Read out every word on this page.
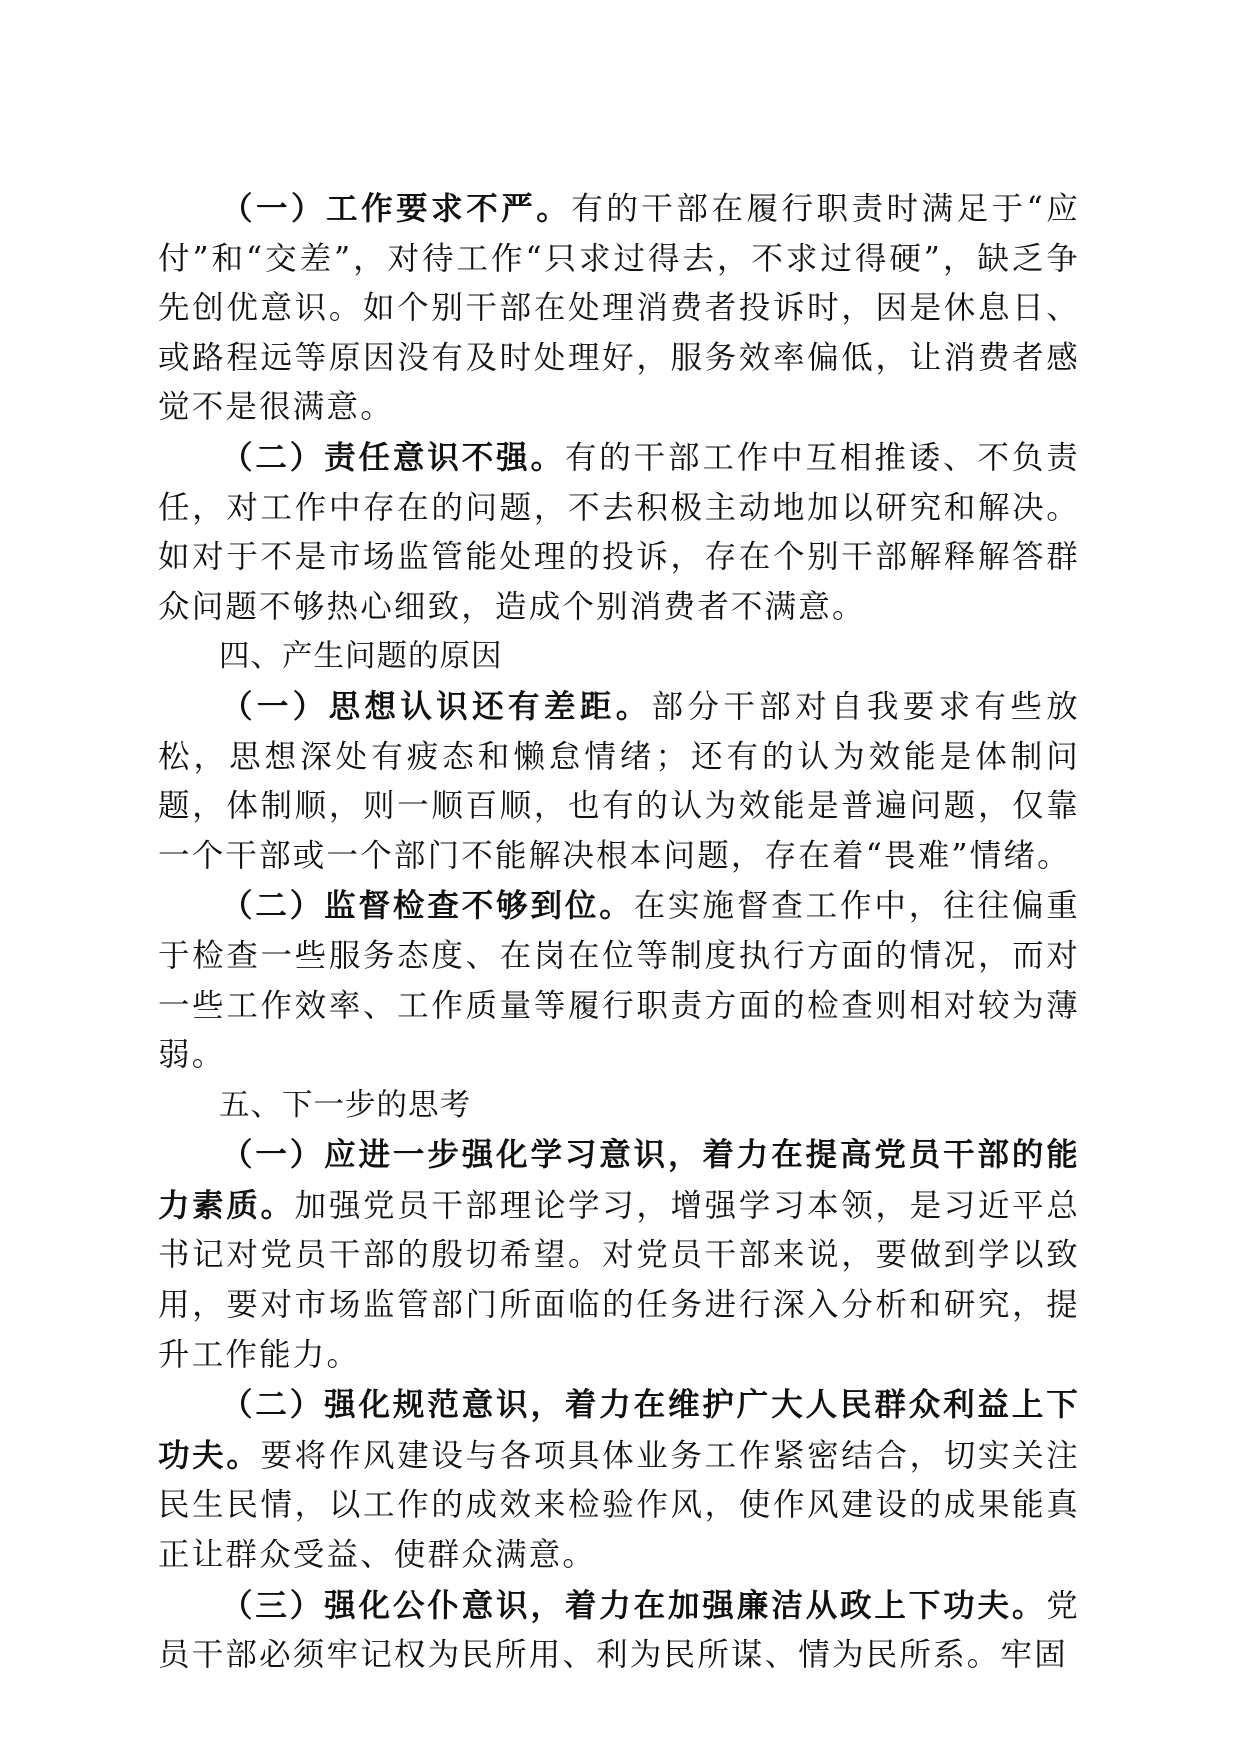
（一）工作要求不严。有的干部在履行职责时满足于“应付”和“交差”，对待工作“只求过得去，不求过得硬”，缺乏争先创优意识。如个别干部在处理消费者投诉时，因是休息日、或路程远等原因没有及时处理好，服务效率偏低，让消费者感觉不是很满意。

（二）责任意识不强。有的干部工作中互相推诿、不负责任，对工作中存在的问题，不去积极主动地加以研究和解决。如对于不是市场监管能处理的投诉，存在个别干部解释解答群众问题不够热心细致，造成个别消费者不满意。

四、产生问题的原因

（一）思想认识还有差距。部分干部对自我要求有些放松，思想深处有疲态和懒怠情绪；还有的认为效能是体制问题，体制顺，则一顺百顺，也有的认为效能是普遍问题，仅靠一个干部或一个部门不能解决根本问题，存在着“畏难”情绪。

（二）监督检查不够到位。在实施督查工作中，往往偏重于检查一些服务态度、在岗在位等制度执行方面的情况，而对一些工作效率、工作质量等履行职责方面的检查则相对较为薄弱。

五、下一步的思考

（一）应进一步强化学习意识，着力在提高党员干部的能力素质。加强党员干部理论学习，增强学习本领，是习近平总书记对党员干部的殷切希望。对党员干部来说，要做到学以致用，要对市场监管部门所面临的任务进行深入分析和研究，提升工作能力。

（二）强化规范意识，着力在维护广大人民群众利益上下功夫。要将作风建设与各项具体业务工作紧密结合，切实关注民生民情，以工作的成效来检验作风，使作风建设的成果能真正让群众受益、使群众满意。

（三）强化公仆意识，着力在加强廉洁从政上下功夫。党员干部必须牢记权为民所用、利为民所谋、情为民所系。牢固
